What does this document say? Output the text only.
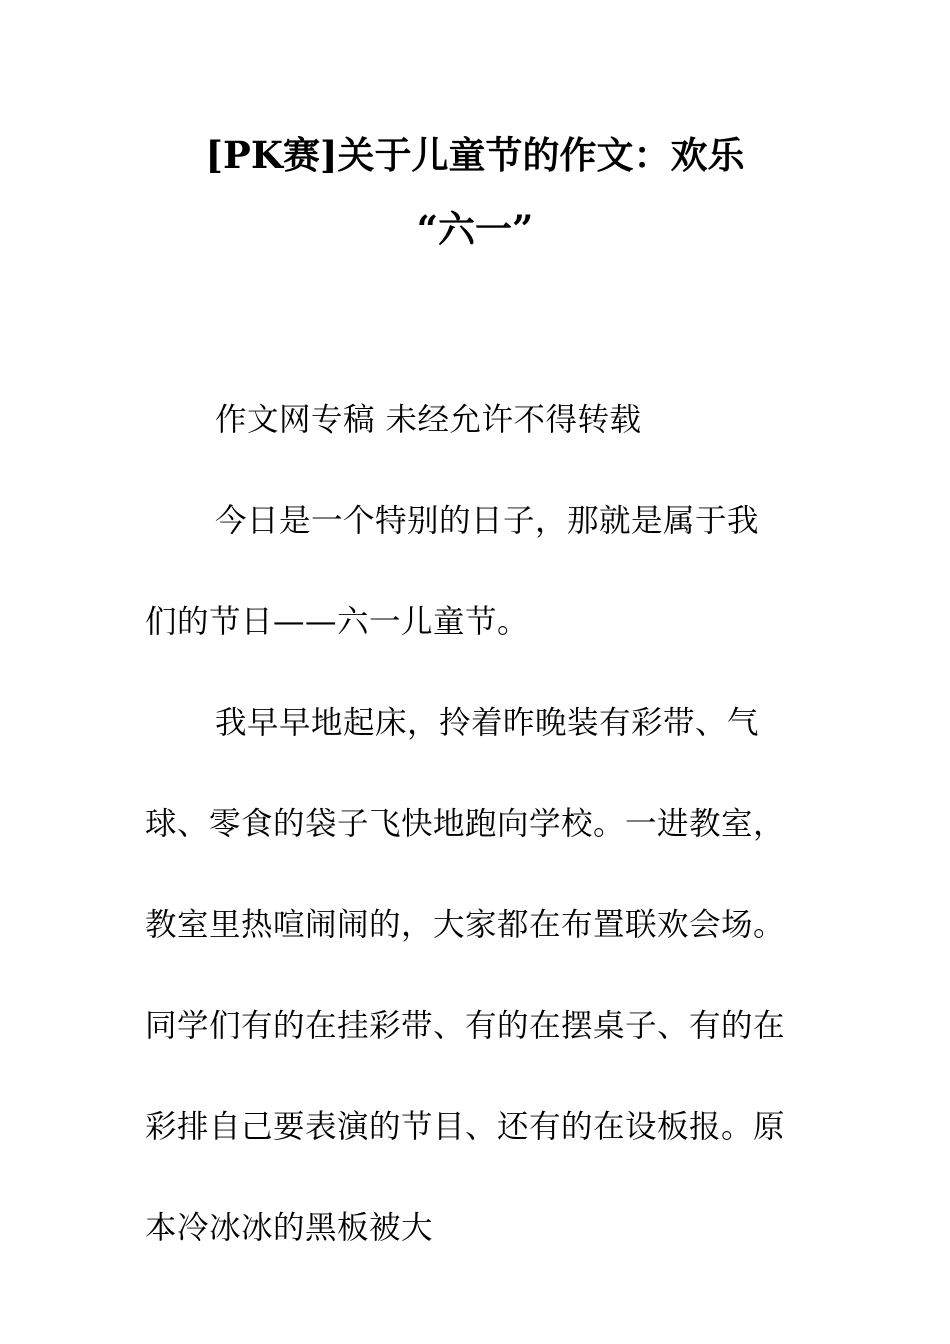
[PK赛]关于儿童节的作文：欢乐
“六一”

作文网专稿 未经允许不得转载

今日是一个特别的日子，那就是属于我们的节日——六一儿童节。

我早早地起床，拎着昨晚装有彩带、气球、零食的袋子飞快地跑向学校。一进教室，教室里热喧闹闹的，大家都在布置联欢会场。同学们有的在挂彩带、有的在摆桌子、有的在彩排自己要表演的节目、还有的在设板报。原本冷冰冰的黑板被大
